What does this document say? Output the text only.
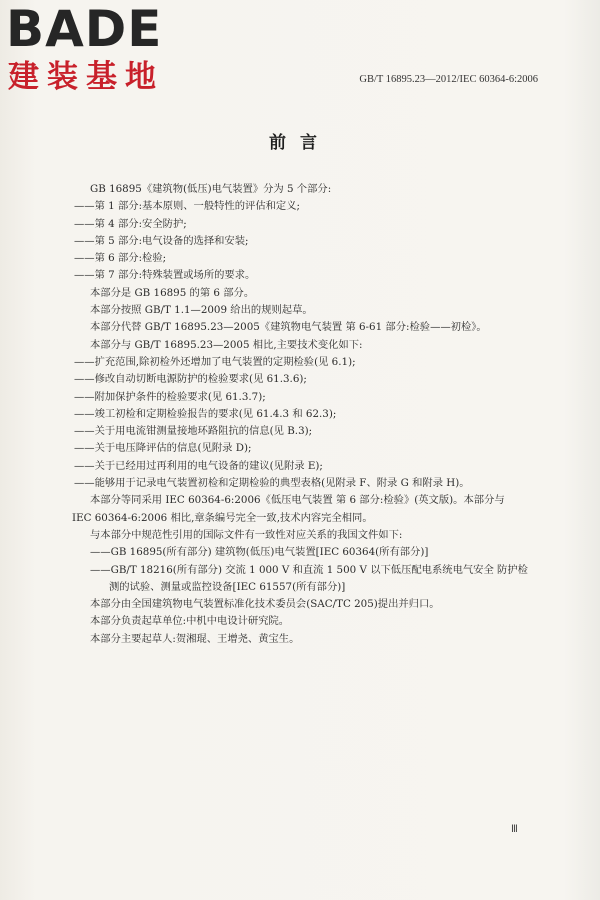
BADE
建装基地	GB/T 16895.23—2012/IEC 60364-6:2006
前言
GB 16895《建筑物(低压)电气装置》分为 5 个部分:
——第 1 部分:基本原则、一般特性的评估和定义;
——第 4 部分:安全防护;
——第 5 部分:电气设备的选择和安装;
——第 6 部分:检验;
——第 7 部分:特殊装置或场所的要求。
本部分是 GB 16895 的第 6 部分。
本部分按照 GB/T 1.1—2009 给出的规则起草。
本部分代替 GB/T 16895.23—2005《建筑物电气装置 第 6-61 部分:检验——初检》。
本部分与 GB/T 16895.23—2005 相比,主要技术变化如下:
——扩充范围,除初检外还增加了电气装置的定期检验(见 6.1);
——修改自动切断电源防护的检验要求(见 61.3.6);
——附加保护条件的检验要求(见 61.3.7);
——竣工初检和定期检验报告的要求(见 61.4.3 和 62.3);
——关于用电流钳测量接地环路阻抗的信息(见 B.3);
——关于电压降评估的信息(见附录 D);
——关于已经用过再利用的电气设备的建议(见附录 E);
——能够用于记录电气装置初检和定期检验的典型表格(见附录 F、附录 G 和附录 H)。
本部分等同采用 IEC 60364-6:2006《低压电气装置 第 6 部分:检验》(英文版)。本部分与
IEC 60364-6:2006 相比,章条编号完全一致,技术内容完全相同。
与本部分中规范性引用的国际文件有一致性对应关系的我国文件如下:
——GB 16895(所有部分) 建筑物(低压)电气装置[IEC 60364(所有部分)]
——GB/T 18216(所有部分) 交流 1 000 V 和直流 1 500 V 以下低压配电系统电气安全 防护检
测的试验、测量或监控设备[IEC 61557(所有部分)]
本部分由全国建筑物电气装置标准化技术委员会(SAC/TC 205)提出并归口。
本部分负责起草单位:中机中电设计研究院。
本部分主要起草人:贺湘琨、王增尧、黄宝生。
Ⅲ
